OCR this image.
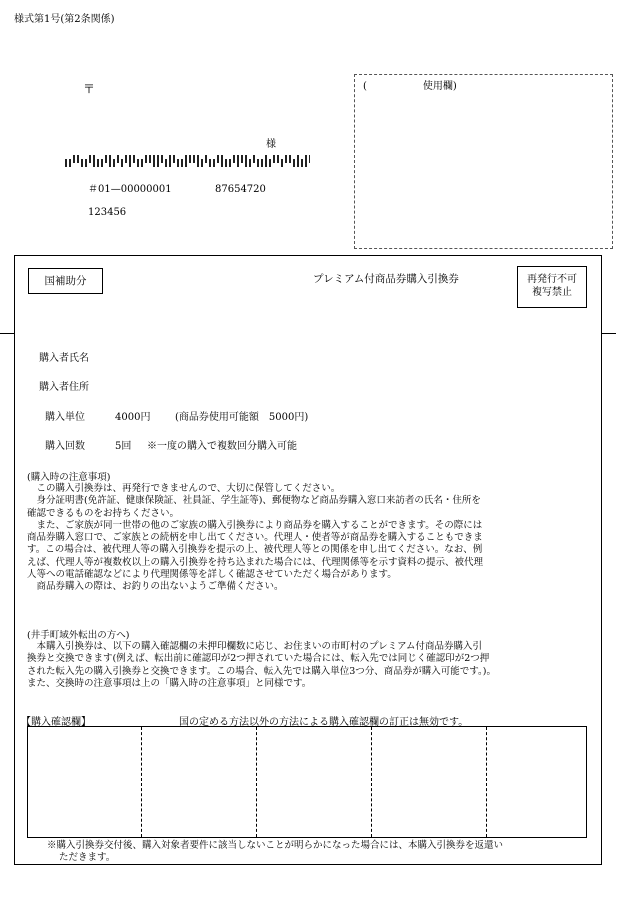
様式第1号(第2条関係)
〒
様
＃01—00000001	87654720
123456
(	使用欄)
国補助分	プレミアム付商品券購入引換券	再発行不可
複写禁止
購入者氏名
購入者住所
購入単位	4000円 (商品券使用可能額　5000円)
購入回数	5回 ※一度の購入で複数回分購入可能
(購入時の注意事項)
　この購入引換券は、再発行できませんので、大切に保管してください。
　身分証明書(免許証、健康保険証、社員証、学生証等)、郵便物など商品券購入窓口来訪者の氏名・住所を
確認できるものをお持ちください。
　また、ご家族が同一世帯の他のご家族の購入引換券により商品券を購入することができます。その際には
商品券購入窓口で、ご家族との続柄を申し出てください。代理人・使者等が商品券を購入することもできま
す。この場合は、被代理人等の購入引換券を提示の上、被代理人等との関係を申し出てください。なお、例
えば、代理人等が複数枚以上の購入引換券を持ち込まれた場合には、代理関係等を示す資料の提示、被代理
人等への電話確認などにより代理関係等を詳しく確認させていただく場合があります。
　商品券購入の際は、お釣りの出ないようご準備ください。
(井手町域外転出の方へ)
　本購入引換券は、以下の購入確認欄の未押印欄数に応じ、お住まいの市町村のプレミアム付商品券購入引
換券と交換できます(例えば、転出前に確認印が2つ押されていた場合には、転入先では同じく確認印が2つ押
された転入先の購入引換券と交換できます。この場合、転入先では購入単位3つ分、商品券が購入可能です。)。
また、交換時の注意事項は上の「購入時の注意事項」と同様です。
【購入確認欄】	国の定める方法以外の方法による購入確認欄の訂正は無効です。
※購入引換券交付後、購入対象者要件に該当しないことが明らかになった場合には、本購入引換券を返還い
ただきます。
